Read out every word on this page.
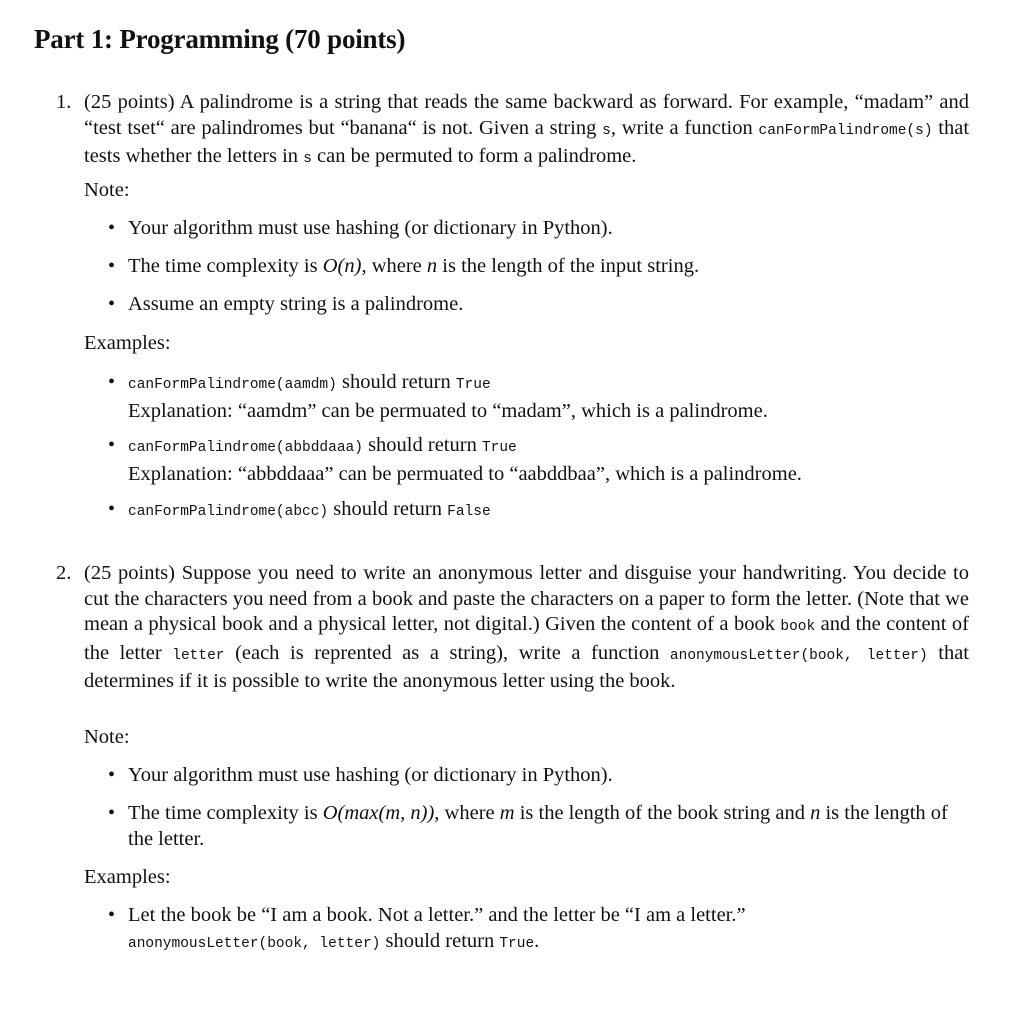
Part 1: Programming (70 points)
1. (25 points) A palindrome is a string that reads the same backward as forward. For example, “madam” and “test tset“ are palindromes but “banana“ is not. Given a string s, write a function canFormPalindrome(s) that tests whether the letters in s can be permuted to form a palindrome.

Note:

• Your algorithm must use hashing (or dictionary in Python).
• The time complexity is O(n), where n is the length of the input string.
• Assume an empty string is a palindrome.

Examples:

• canFormPalindrome(aamdm) should return True
Explanation: “aamdm” can be permuated to “madam”, which is a palindrome.
• canFormPalindrome(abbddaaa) should return True
Explanation: “abbddaaa” can be permuated to “aabddbaa”, which is a palindrome.
• canFormPalindrome(abcc) should return False
2. (25 points) Suppose you need to write an anonymous letter and disguise your handwriting. You decide to cut the characters you need from a book and paste the characters on a paper to form the letter. (Note that we mean a physical book and a physical letter, not digital.) Given the content of a book book and the content of the letter letter (each is reprented as a string), write a function anonymousLetter(book, letter) that determines if it is possible to write the anonymous letter using the book.

Note:

• Your algorithm must use hashing (or dictionary in Python).
• The time complexity is O(max(m, n)), where m is the length of the book string and n is the length of the letter.

Examples:

• Let the book be “I am a book. Not a letter.” and the letter be “I am a letter.”
anonymousLetter(book, letter) should return True.
